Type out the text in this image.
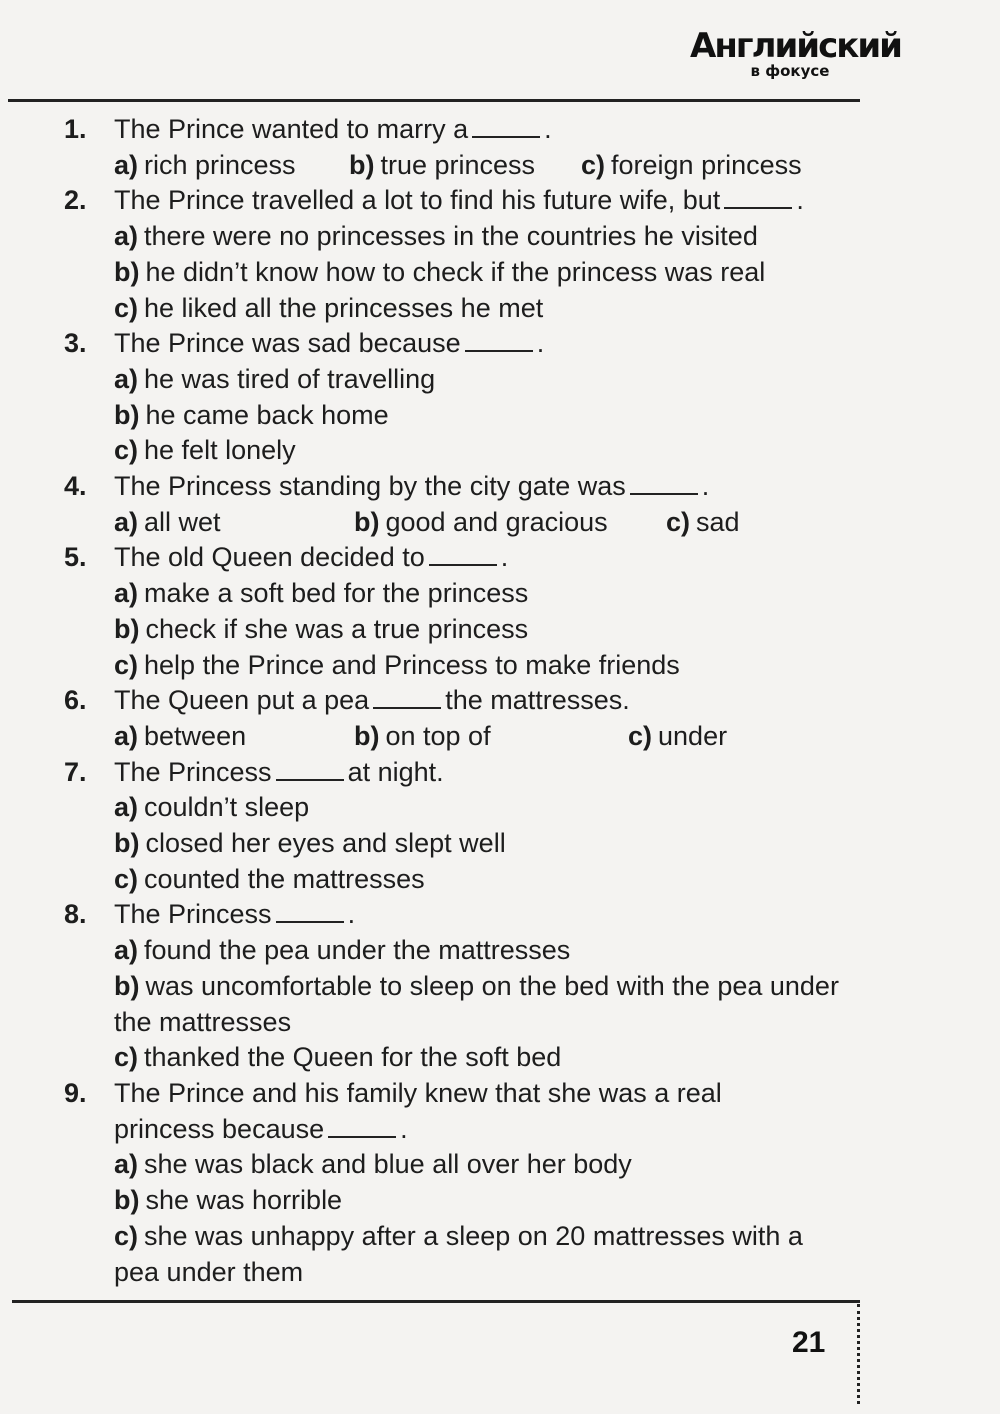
Английский
в фокусе
1.	The Prince wanted to marry a	.
a) rich princess	b) true princess	c) foreign princess
2.	The Prince travelled a lot to find his future wife, but	.
a) there were no princesses in the countries he visited
b) he didn’t know how to check if the princess was real
c) he liked all the princesses he met
3.	The Prince was sad because	.
a) he was tired of travelling
b) he came back home
c) he felt lonely
4.	The Princess standing by the city gate was	.
a) all wet	b) good and gracious	c) sad
5.	The old Queen decided to	.
a) make a soft bed for the princess
b) check if she was a true princess
c) help the Prince and Princess to make friends
6.	The Queen put a pea	the mattresses.
a) between	b) on top of	c) under
7.	The Princess	at night.
a) couldn’t sleep
b) closed her eyes and slept well
c) counted the mattresses
8.	The Princess	.
a) found the pea under the mattresses
b) was uncomfortable to sleep on the bed with the pea under the mattresses
c) thanked the Queen for the soft bed
9.	The Prince and his family knew that she was a real
princess because	.
a) she was black and blue all over her body
b) she was horrible
c) she was unhappy after a sleep on 20 mattresses with a pea under them
21
